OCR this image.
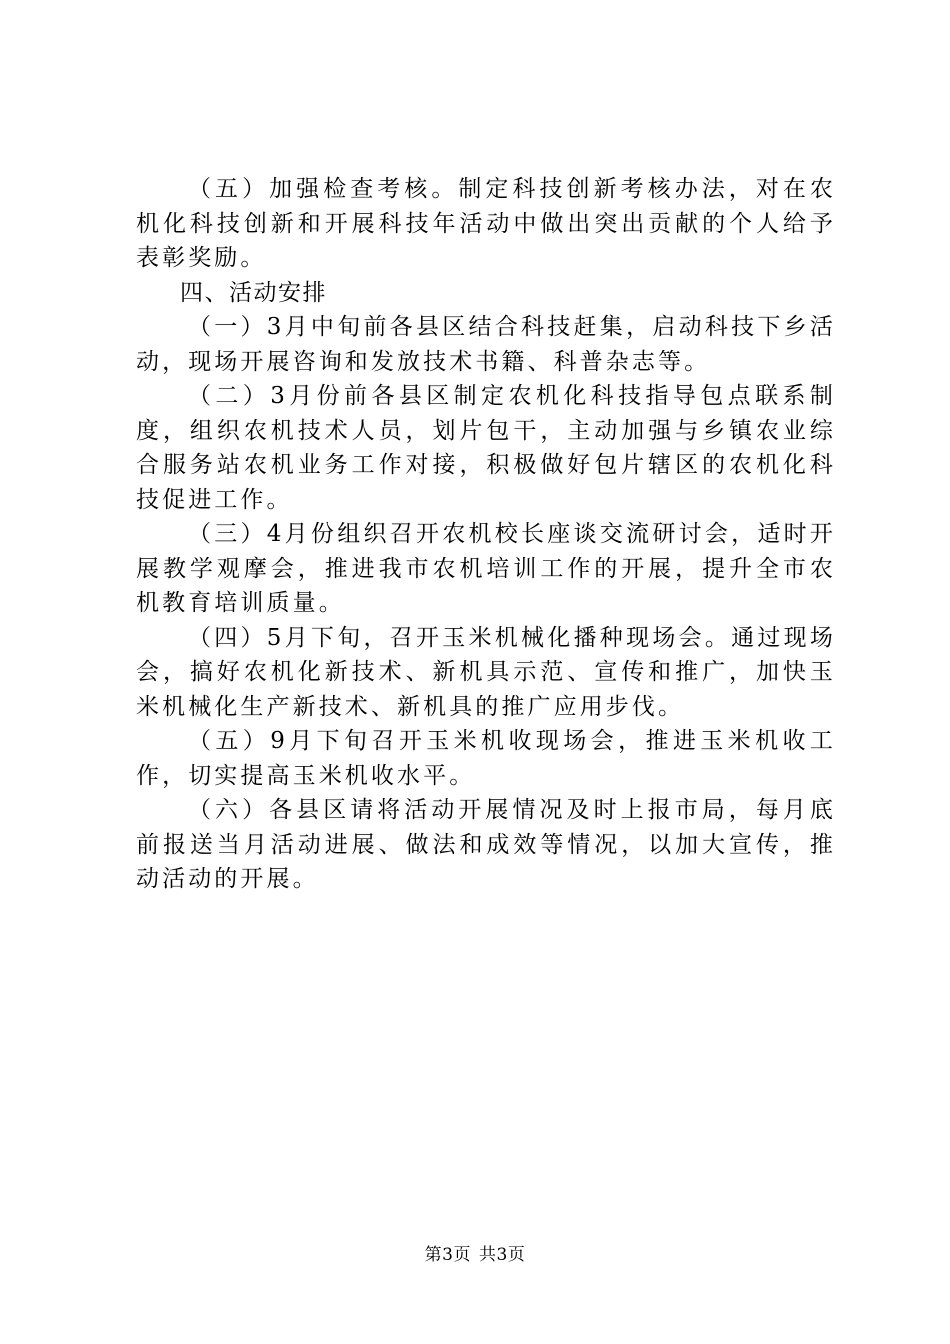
（五）加强检查考核。制定科技创新考核办法，对在农机化科技创新和开展科技年活动中做出突出贡献的个人给予表彰奖励。

四、活动安排

（一）3月中旬前各县区结合科技赶集，启动科技下乡活动，现场开展咨询和发放技术书籍、科普杂志等。

（二）3月份前各县区制定农机化科技指导包点联系制度，组织农机技术人员，划片包干，主动加强与乡镇农业综合服务站农机业务工作对接，积极做好包片辖区的农机化科技促进工作。

（三）4月份组织召开农机校长座谈交流研讨会，适时开展教学观摩会，推进我市农机培训工作的开展，提升全市农机教育培训质量。

（四）5月下旬，召开玉米机械化播种现场会。通过现场会，搞好农机化新技术、新机具示范、宣传和推广，加快玉米机械化生产新技术、新机具的推广应用步伐。

（五）9月下旬召开玉米机收现场会，推进玉米机收工作，切实提高玉米机收水平。

（六）各县区请将活动开展情况及时上报市局，每月底前报送当月活动进展、做法和成效等情况，以加大宣传，推动活动的开展。

第3页 共3页
